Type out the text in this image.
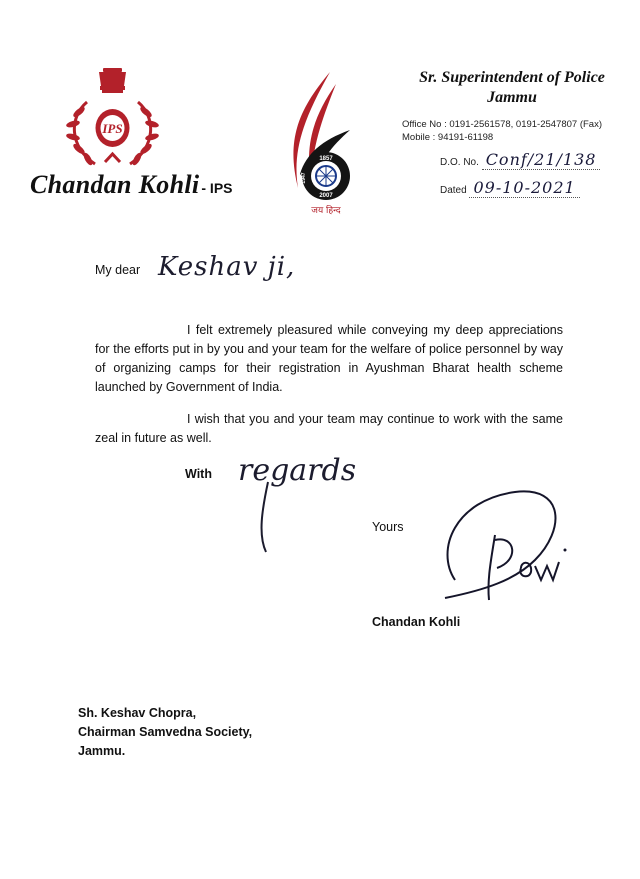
IPS
Chandan Kohli - IPS
1857
1947
2007
जय हिन्द
Sr. Superintendent of Police
Jammu
Office No : 0191-2561578, 0191-2547807 (Fax)
Mobile : 94191-61198
D.O. No. Conf/21/138
Dated 09-10-2021
My dear Keshav ji,
I felt extremely pleasured while conveying my deep appreciations for the efforts put in by you and your team for the welfare of police personnel by way of organizing camps for their registration in Ayushman Bharat health scheme launched by Government of India.
I wish that you and your team may continue to work with the same zeal in future as well.
With regards
Yours
Chandan Kohli
Sh. Keshav Chopra,
Chairman Samvedna Society,
Jammu.
